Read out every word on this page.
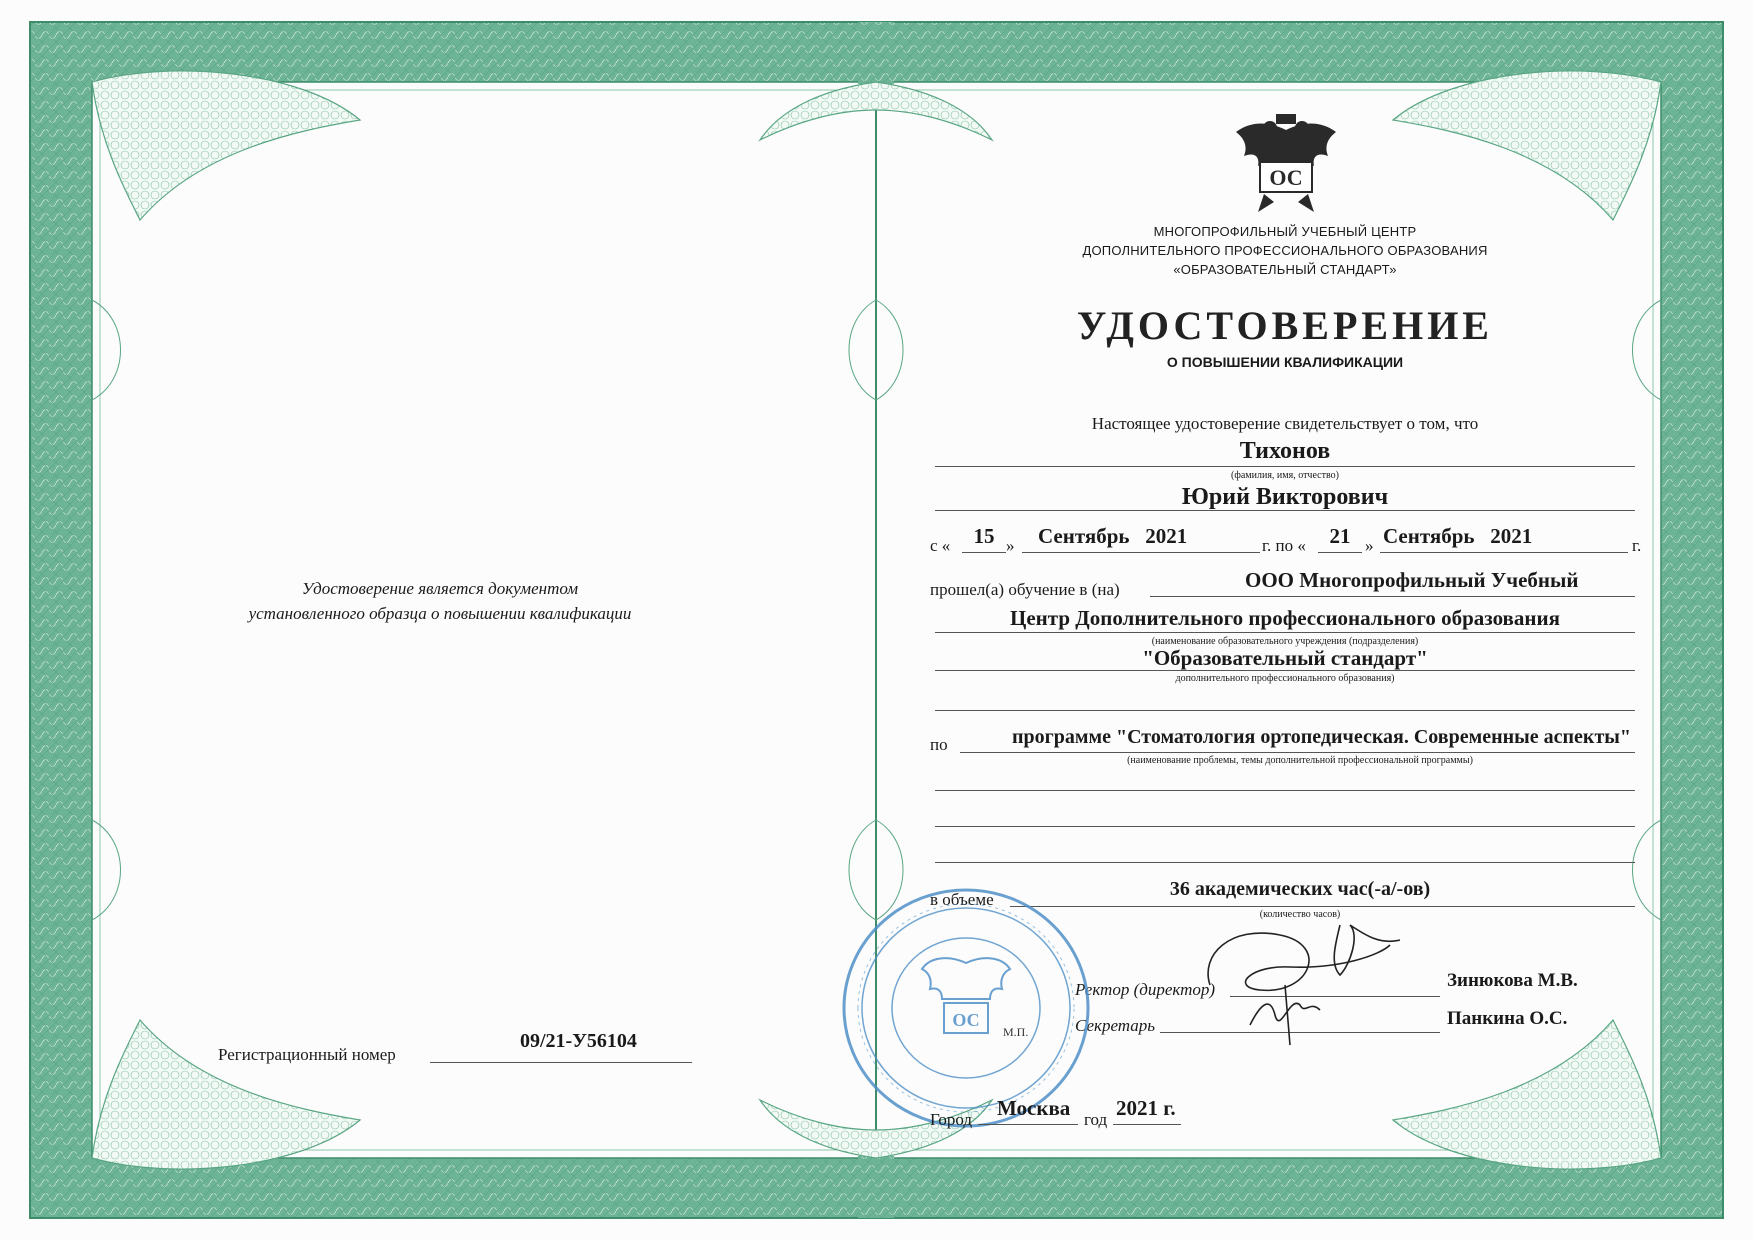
Удостоверение является документом
установленного образца о повышении квалификации
Регистрационный номер
09/21-У56104
ОС
МНОГОПРОФИЛЬНЫЙ УЧЕБНЫЙ ЦЕНТР
ДОПОЛНИТЕЛЬНОГО ПРОФЕССИОНАЛЬНОГО ОБРАЗОВАНИЯ
«ОБРАЗОВАТЕЛЬНЫЙ СТАНДАРТ»
УДОСТОВЕРЕНИЕ
О ПОВЫШЕНИИ КВАЛИФИКАЦИИ
Настоящее удостоверение свидетельствует о том, что
Тихонов
(фамилия, имя, отчество)
Юрий Викторович
с «	15 » Сентябрь   2021	г. по «	21 » Сентябрь   2021	г.
прошел(а) обучение в (на)	ООО Многопрофильный Учебный
Центр Дополнительного профессионального образования
(наименование образовательного учреждения (подразделения)
"Образовательный стандарт"
дополнительного профессионального образования)
по	программе "Стоматология ортопедическая. Современные аспекты"
(наименование проблемы, темы дополнительной профессиональной программы)
в объеме	36 академических час(-а/-ов)
(количество часов)
Ректор (директор)	Зинюкова М.В.
Секретарь	Панкина О.С.
ОС
М.П.
Город Москва год 2021 г.
